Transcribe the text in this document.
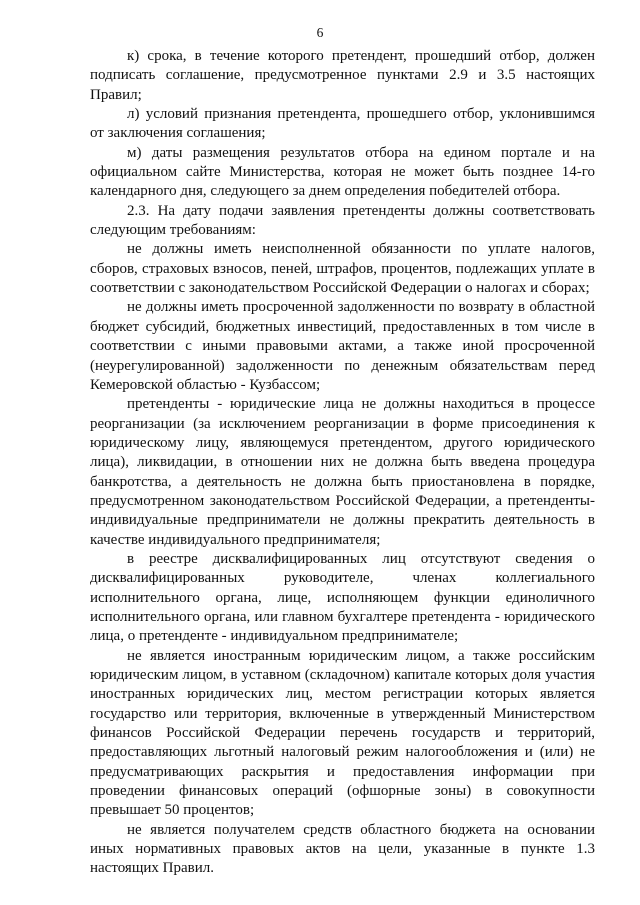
6

к) срока, в течение которого претендент, прошедший отбор, должен подписать соглашение, предусмотренное пунктами 2.9 и 3.5 настоящих Правил;

л) условий признания претендента, прошедшего отбор, уклонившимся от заключения соглашения;

м) даты размещения результатов отбора на едином портале и на официальном сайте Министерства, которая не может быть позднее 14-го календарного дня, следующего за днем определения победителей отбора.

2.3. На дату подачи заявления претенденты должны соответствовать следующим требованиям:

не должны иметь неисполненной обязанности по уплате налогов, сборов, страховых взносов, пеней, штрафов, процентов, подлежащих уплате в соответствии с законодательством Российской Федерации о налогах и сборах;

не должны иметь просроченной задолженности по возврату в областной бюджет субсидий, бюджетных инвестиций, предоставленных в том числе в соответствии с иными правовыми актами, а также иной просроченной (неурегулированной) задолженности по денежным обязательствам перед Кемеровской областью - Кузбассом;

претенденты - юридические лица не должны находиться в процессе реорганизации (за исключением реорганизации в форме присоединения к юридическому лицу, являющемуся претендентом, другого юридического лица), ликвидации, в отношении них не должна быть введена процедура банкротства, а деятельность не должна быть приостановлена в порядке, предусмотренном законодательством Российской Федерации, а претенденты-индивидуальные предприниматели не должны прекратить деятельность в качестве индивидуального предпринимателя;

в реестре дисквалифицированных лиц отсутствуют сведения о дисквалифицированных руководителе, членах коллегиального исполнительного органа, лице, исполняющем функции единоличного исполнительного органа, или главном бухгалтере претендента - юридического лица, о претенденте - индивидуальном предпринимателе;

не является иностранным юридическим лицом, а также российским юридическим лицом, в уставном (складочном) капитале которых доля участия иностранных юридических лиц, местом регистрации которых является государство или территория, включенные в утвержденный Министерством финансов Российской Федерации перечень государств и территорий, предоставляющих льготный налоговый режим налогообложения и (или) не предусматривающих раскрытия и предоставления информации при проведении финансовых операций (офшорные зоны) в совокупности превышает 50 процентов;

не является получателем средств областного бюджета на основании иных нормативных правовых актов на цели, указанные в пункте 1.3 настоящих Правил.
